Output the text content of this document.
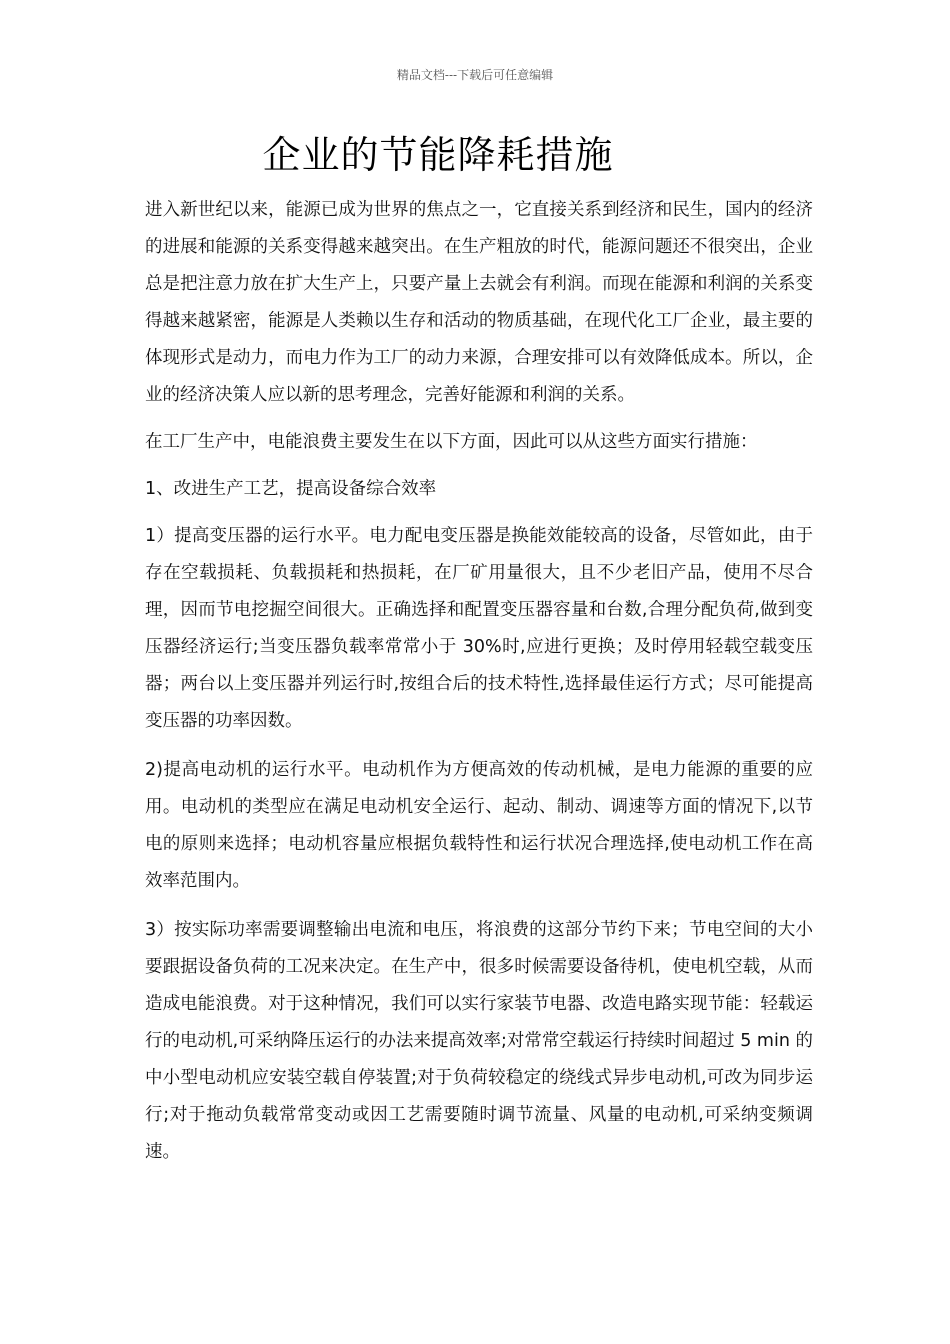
精品文档---下载后可任意编辑
企业的节能降耗措施

进入新世纪以来，能源已成为世界的焦点之一，它直接关系到经济和民生，国内的经济的进展和能源的关系变得越来越突出。在生产粗放的时代，能源问题还不很突出，企业总是把注意力放在扩大生产上，只要产量上去就会有利润。而现在能源和利润的关系变得越来越紧密，能源是人类赖以生存和活动的物质基础，在现代化工厂企业，最主要的体现形式是动力，而电力作为工厂的动力来源，合理安排可以有效降低成本。所以，企业的经济决策人应以新的思考理念，完善好能源和利润的关系。

在工厂生产中，电能浪费主要发生在以下方面，因此可以从这些方面实行措施：

1、改进生产工艺，提高设备综合效率

1）提高变压器的运行水平。电力配电变压器是换能效能较高的设备，尽管如此，由于存在空载损耗、负载损耗和热损耗，在厂矿用量很大，且不少老旧产品，使用不尽合理，因而节电挖掘空间很大。正确选择和配置变压器容量和台数,合理分配负荷,做到变压器经济运行;当变压器负载率常常小于 30%时,应进行更换；及时停用轻载空载变压器；两台以上变压器并列运行时,按组合后的技术特性,选择最佳运行方式；尽可能提高变压器的功率因数。

2)提高电动机的运行水平。电动机作为方便高效的传动机械，是电力能源的重要的应用。电动机的类型应在满足电动机安全运行、起动、制动、调速等方面的情况下,以节电的原则来选择；电动机容量应根据负载特性和运行状况合理选择,使电动机工作在高效率范围内。

3）按实际功率需要调整输出电流和电压，将浪费的这部分节约下来；节电空间的大小要跟据设备负荷的工况来决定。在生产中，很多时候需要设备待机，使电机空载，从而造成电能浪费。对于这种情况，我们可以实行家装节电器、改造电路实现节能：轻载运行的电动机,可采纳降压运行的办法来提高效率;对常常空载运行持续时间超过 5 min 的中小型电动机应安装空载自停装置;对于负荷较稳定的绕线式异步电动机,可改为同步运行;对于拖动负载常常变动或因工艺需要随时调节流量、风量的电动机,可采纳变频调速。
